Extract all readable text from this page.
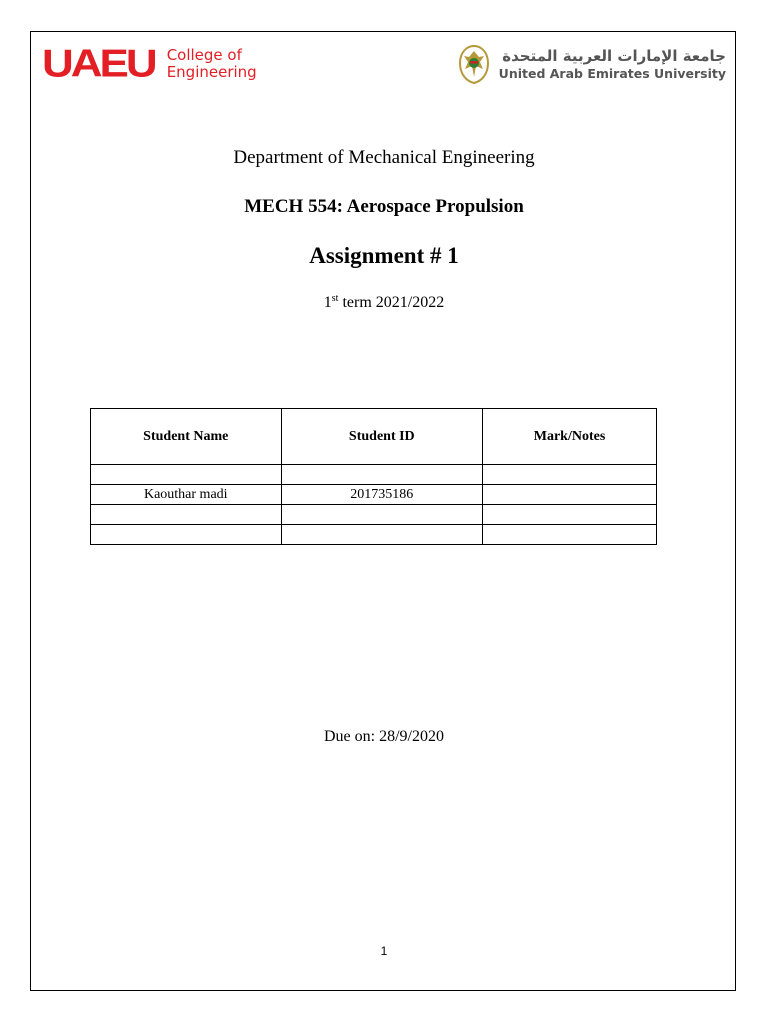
UAEU College of
Engineering
جامعة الإمارات العربية المتحدة
United Arab Emirates University
Department of Mechanical Engineering
MECH 554: Aerospace Propulsion
Assignment # 1
1st term 2021/2022
Student Name	Student ID	Mark/Notes

Kaouthar madi	201735186	

Due on: 28/9/2020
1
